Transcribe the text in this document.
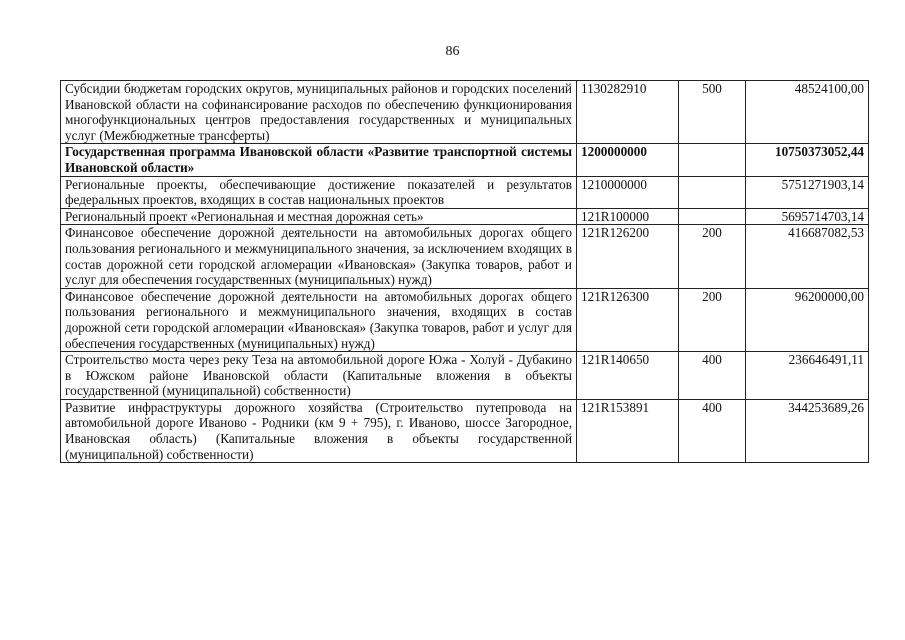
86
Субсидии бюджетам городских округов, муниципальных районов и городских поселений Ивановской области на софинансирование расходов по обеспечению функционирования многофункциональных центров предоставления государственных и муниципальных услуг (Межбюджетные трансферты)	1130282910	500	48524100,00
Государственная программа Ивановской области «Развитие транспортной системы Ивановской области»	1200000000		10750373052,44
Региональные проекты, обеспечивающие достижение показателей и результатов федеральных проектов, входящих в состав национальных проектов	1210000000		5751271903,14
Региональный проект «Региональная и местная дорожная сеть»	121R100000		5695714703,14
Финансовое обеспечение дорожной деятельности на автомобильных дорогах общего пользования регионального и межмуниципального значения, за исключением входящих в состав дорожной сети городской агломерации «Ивановская» (Закупка товаров, работ и услуг для обеспечения государственных (муниципальных) нужд)	121R126200	200	416687082,53
Финансовое обеспечение дорожной деятельности на автомобильных дорогах общего пользования регионального и межмуниципального значения, входящих в состав дорожной сети городской агломерации «Ивановская» (Закупка товаров, работ и услуг для обеспечения государственных (муниципальных) нужд)	121R126300	200	96200000,00
Строительство моста через реку Теза на автомобильной дороге Южа - Холуй - Дубакино в Южском районе Ивановской области (Капитальные вложения в объекты государственной (муниципальной) собственности)	121R140650	400	236646491,11
Развитие инфраструктуры дорожного хозяйства (Строительство путепровода на автомобильной дороге Иваново - Родники (км 9 + 795), г. Иваново, шоссе Загородное, Ивановская область) (Капитальные вложения в объекты государственной (муниципальной) собственности)	121R153891	400	344253689,26
